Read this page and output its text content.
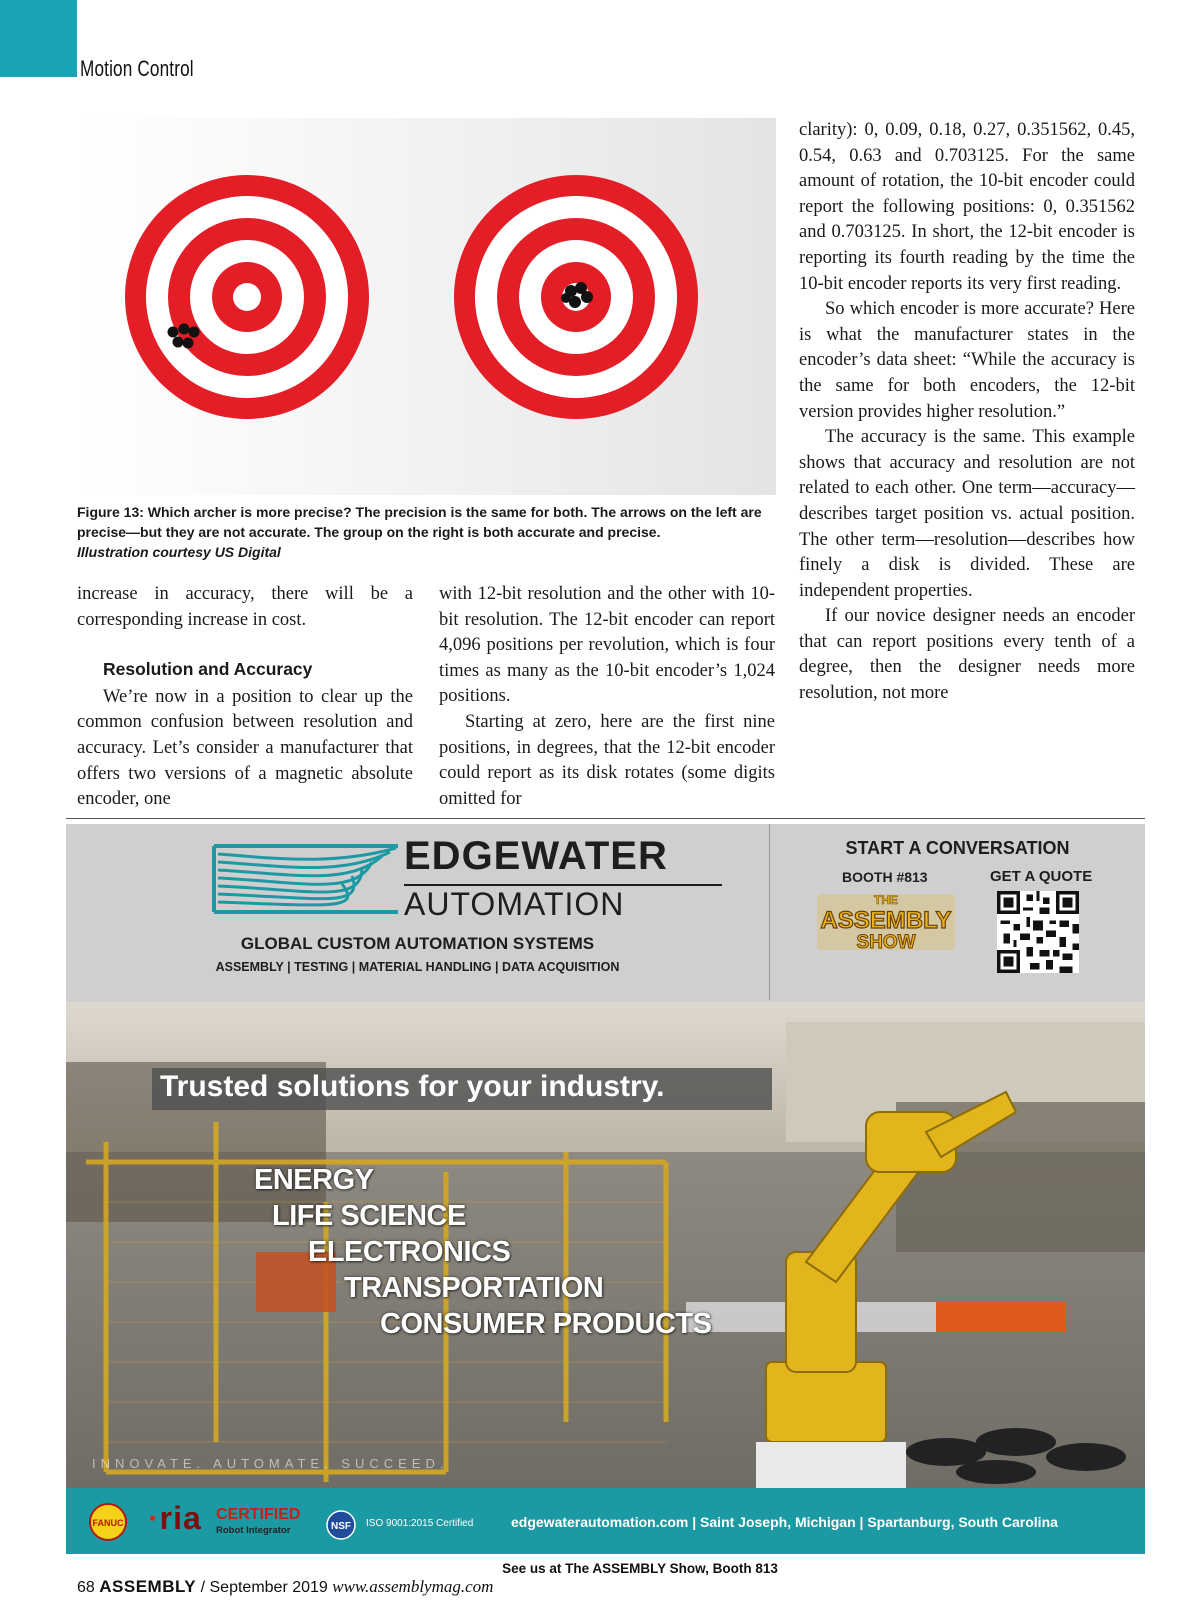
Motion Control
Figure 13: Which archer is more precise? The precision is the same for both. The arrows on the left are precise—but they are not accurate. The group on the right is both accurate and precise.
Illustration courtesy US Digital

increase in accuracy, there will be a corresponding increase in cost.

Resolution and Accuracy

We’re now in a position to clear up the common confusion between resolution and accuracy. Let’s consider a manufacturer that offers two versions of a magnetic absolute encoder, one

with 12-bit resolution and the other with 10-bit resolution. The 12-bit encoder can report 4,096 positions per revolution, which is four times as many as the 10-bit encoder’s 1,024 positions.

Starting at zero, here are the first nine positions, in degrees, that the 12-bit encoder could report as its disk rotates (some digits omitted for

clarity): 0, 0.09, 0.18, 0.27, 0.351562, 0.45, 0.54, 0.63 and 0.703125. For the same amount of rotation, the 10-bit encoder could report the following positions: 0, 0.351562 and 0.703125. In short, the 12-bit encoder is reporting its fourth reading by the time the 10-bit encoder reports its very first reading.

So which encoder is more accurate? Here is what the manufacturer states in the encoder’s data sheet: “While the accuracy is the same for both encoders, the 12-bit version provides higher resolution.”

The accuracy is the same. This example shows that accuracy and resolution are not related to each other. One term—accuracy—describes target position vs. actual position. The other term—resolution—describes how finely a disk is divided. These are independent properties.

If our novice designer needs an encoder that can report positions every tenth of a degree, then the designer needs more resolution, not more

EDGEWATER
AUTOMATION
GLOBAL CUSTOM AUTOMATION SYSTEMS
ASSEMBLY | TESTING | MATERIAL HANDLING | DATA ACQUISITION
START A CONVERSATION
BOOTH #813	GET A QUOTE
THE
ASSEMBLY
SHOW
Trusted solutions for your industry.
ENERGY
LIFE SCIENCE
ELECTRONICS
TRANSPORTATION
CONSUMER PRODUCTS
INNOVATE. AUTOMATE. SUCCEED.
FANUC ·ria CERTIFIED
Robot Integrator	NSF ISO 9001:2015 Certified	edgewaterautomation.com | Saint Joseph, Michigan | Spartanburg, South Carolina
See us at The ASSEMBLY Show, Booth 813
68 ASSEMBLY / September 2019 www.assemblymag.com
